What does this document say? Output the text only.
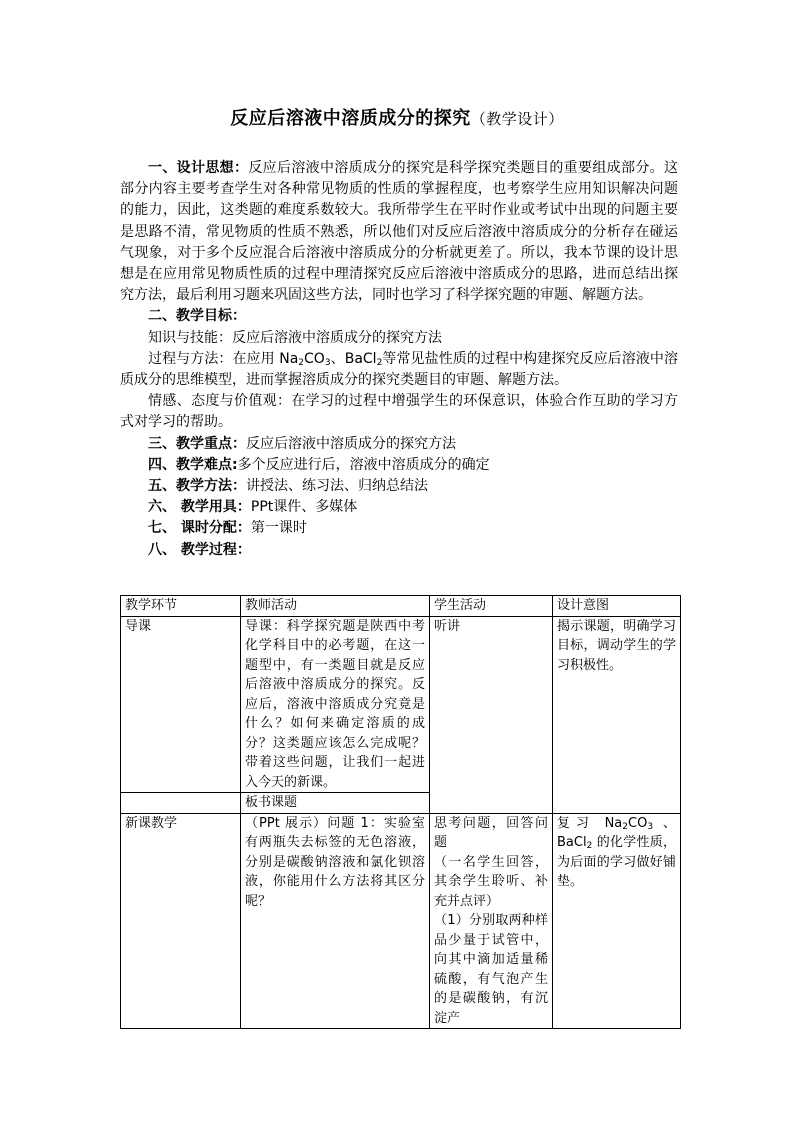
反应后溶液中溶质成分的探究（教学设计）

一、设计思想：反应后溶液中溶质成分的探究是科学探究类题目的重要组成部分。这部分内容主要考查学生对各种常见物质的性质的掌握程度，也考察学生应用知识解决问题的能力，因此，这类题的难度系数较大。我所带学生在平时作业或考试中出现的问题主要是思路不清，常见物质的性质不熟悉，所以他们对反应后溶液中溶质成分的分析存在碰运气现象，对于多个反应混合后溶液中溶质成分的分析就更差了。所以，我本节课的设计思想是在应用常见物质性质的过程中理清探究反应后溶液中溶质成分的思路，进而总结出探究方法，最后利用习题来巩固这些方法，同时也学习了科学探究题的审题、解题方法。

二、教学目标：

知识与技能：反应后溶液中溶质成分的探究方法

过程与方法：在应用 $Na_2CO_3$、BaCl$_2$等常见盐性质的过程中构建探究反应后溶液中溶质成分的思维模型，进而掌握溶质成分的探究类题目的审题、解题方法。

情感、态度与价值观：在学习的过程中增强学生的环保意识，体验合作互助的学习方式对学习的帮助。

三、教学重点：反应后溶液中溶质成分的探究方法

四、教学难点:多个反应进行后，溶液中溶质成分的确定

五、教学方法：讲授法、练习法、归纳总结法

六、 教学用具：PPt课件、多媒体

七、 课时分配：第一课时

八、 教学过程：

教学环节	教师活动	学生活动	设计意图
导课	导课：科学探究题是陕西中考化学科目中的必考题，在这一题型中，有一类题目就是反应后溶液中溶质成分的探究。反应后，溶液中溶质成分究竟是什么？如何来确定溶质的成分？这类题应该怎么完成呢？带着这些问题，让我们一起进入今天的新课。	听讲	揭示课题，明确学习目标，调动学生的学习积极性。
	板书课题		
新课教学	（PPt 展示）问题 1：实验室有两瓶失去标签的无色溶液，分别是碳酸钠溶液和氯化钡溶液，你能用什么方法将其区分呢？	思考问题，回答问题
（一名学生回答，其余学生聆听、补充并点评）
（1）分别取两种样品少量于试管中，向其中滴加适量稀硫酸，有气泡产生的是碳酸钠，有沉淀产	复习 $Na_2CO_3$ 、BaCl$_2$ 的化学性质，为后面的学习做好铺垫。
